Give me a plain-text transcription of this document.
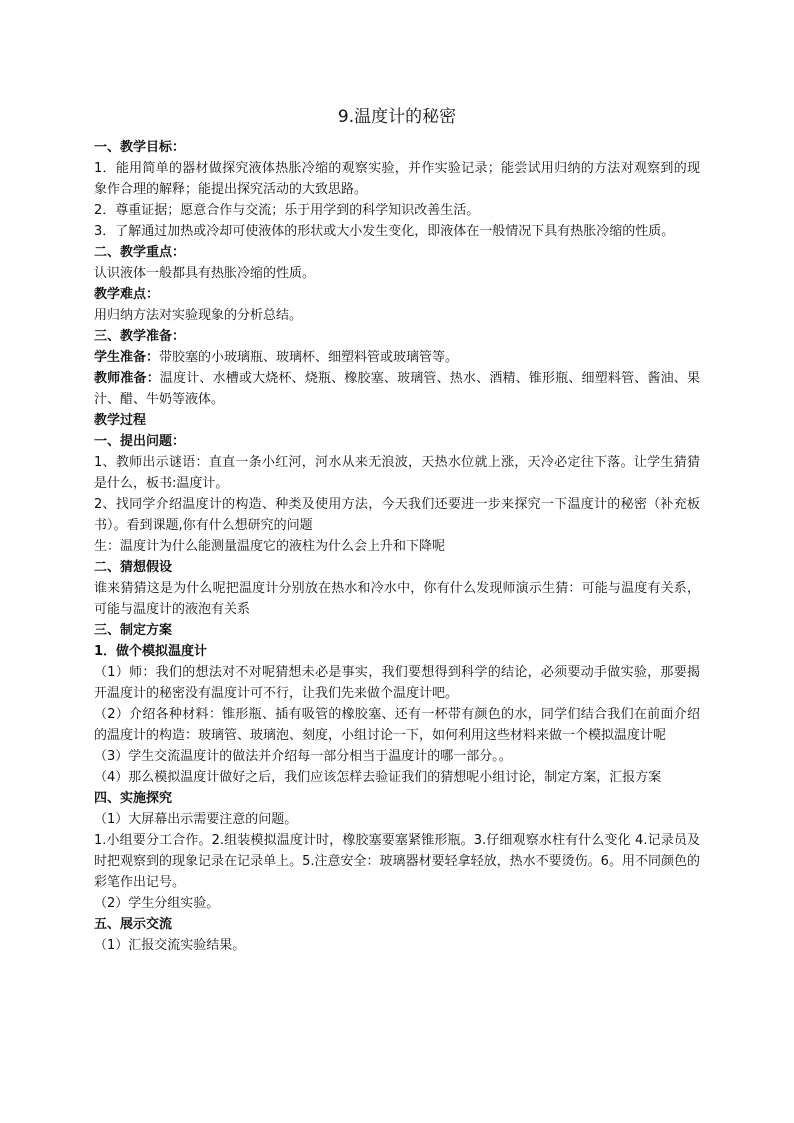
9.温度计的秘密

一、教学目标：

1．能用简单的器材做探究液体热胀冷缩的观察实验，并作实验记录；能尝试用归纳的方法对观察到的现象作合理的解释；能提出探究活动的大致思路。

2．尊重证据；愿意合作与交流；乐于用学到的科学知识改善生活。

3．了解通过加热或冷却可使液体的形状或大小发生变化，即液体在一般情况下具有热胀冷缩的性质。

二、教学重点：

认识液体一般都具有热胀冷缩的性质。

教学难点：

用归纳方法对实验现象的分析总结。

三、教学准备：

学生准备：带胶塞的小玻璃瓶、玻璃杯、细塑料管或玻璃管等。

教师准备：温度计、水槽或大烧杯、烧瓶、橡胶塞、玻璃管、热水、酒精、锥形瓶、细塑料管、酱油、果汁、醋、牛奶等液体。

教学过程

一、提出问题：

1、教师出示谜语：直直一条小红河，河水从来无浪波，天热水位就上涨，天冷必定往下落。让学生猜猜是什么，板书:温度计。

2、找同学介绍温度计的构造、种类及使用方法，今天我们还要进一步来探究一下温度计的秘密（补充板书）。看到课题,你有什么想研究的问题

生：温度计为什么能测量温度它的液柱为什么会上升和下降呢

二、猜想假设

谁来猜猜这是为什么呢把温度计分别放在热水和冷水中，你有什么发现师演示生猜：可能与温度有关系，可能与温度计的液泡有关系

三、制定方案

1．做个模拟温度计

（1）师：我们的想法对不对呢猜想未必是事实，我们要想得到科学的结论，必须要动手做实验，那要揭开温度计的秘密没有温度计可不行，让我们先来做个温度计吧。

（2）介绍各种材料：锥形瓶、插有吸管的橡胶塞、还有一杯带有颜色的水，同学们结合我们在前面介绍的温度计的构造：玻璃管、玻璃泡、刻度，小组讨论一下，如何利用这些材料来做一个模拟温度计呢

（3）学生交流温度计的做法并介绍每一部分相当于温度计的哪一部分。。

（4）那么模拟温度计做好之后，我们应该怎样去验证我们的猜想呢小组讨论，制定方案，汇报方案

四、实施探究

（1）大屏幕出示需要注意的问题。

1.小组要分工合作。2.组装模拟温度计时，橡胶塞要塞紧锥形瓶。3.仔细观察水柱有什么变化 4.记录员及时把观察到的现象记录在记录单上。5.注意安全：玻璃器材要轻拿轻放，热水不要烫伤。6。用不同颜色的彩笔作出记号。

（2）学生分组实验。

五、展示交流

（1）汇报交流实验结果。
